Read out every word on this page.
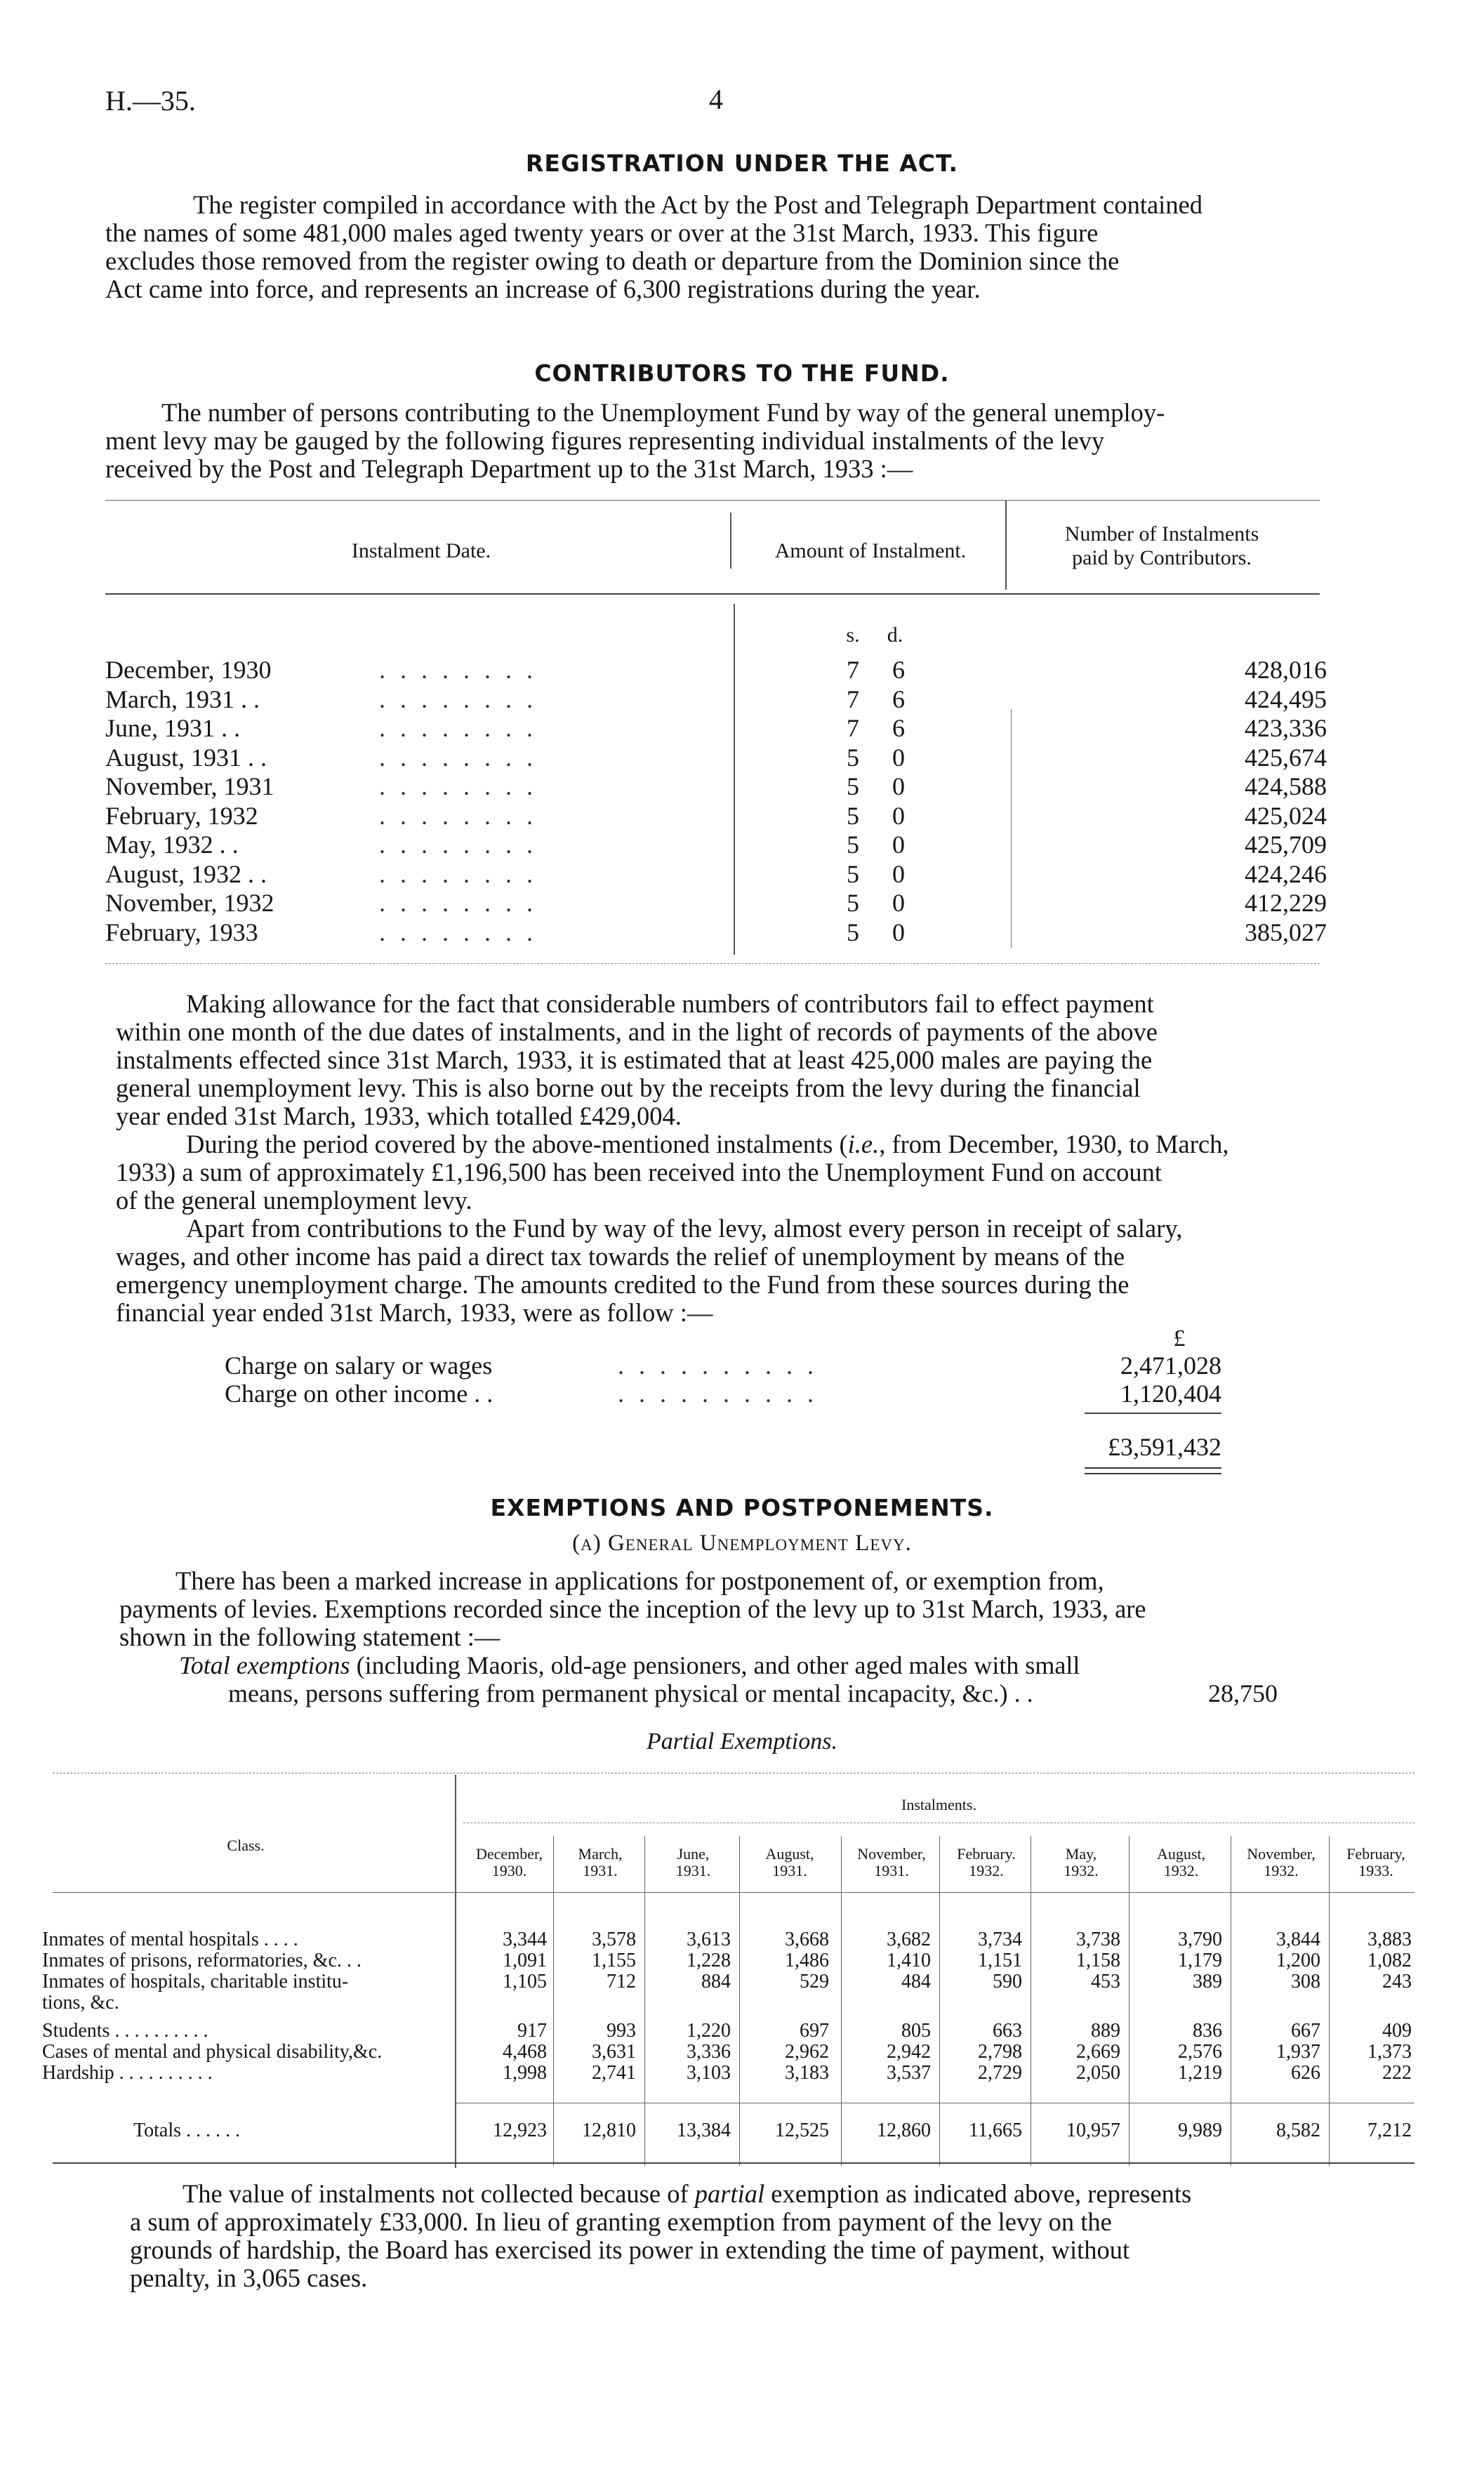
H.—35.	4
REGISTRATION UNDER THE ACT.
The register compiled in accordance with the Act by the Post and Telegraph Department contained
the names of some 481,000 males aged twenty years or over at the 31st March, 1933. This figure
excludes those removed from the register owing to death or departure from the Dominion since the
Act came into force, and represents an increase of 6,300 registrations during the year.
CONTRIBUTORS TO THE FUND.
The number of persons contributing to the Unemployment Fund by way of the general unemploy-
ment levy may be gauged by the following figures representing individual instalments of the levy
received by the Post and Telegraph Department up to the 31st March, 1933 :—
Instalment Date.	Amount of Instalment.
Number of Instalments
paid by Contributors.
s.	d.
December, 1930	. . . . . . . .	7	6	428,016
March, 1931 . .	. . . . . . . .	7	6	424,495
June, 1931 . .	. . . . . . . .	7	6	423,336
August, 1931 . .	. . . . . . . .	5	0	425,674
November, 1931	. . . . . . . .	5	0	424,588
February, 1932	. . . . . . . .	5	0	425,024
May, 1932 . .	. . . . . . . .	5	0	425,709
August, 1932 . .	. . . . . . . .	5	0	424,246
November, 1932	. . . . . . . .	5	0	412,229
February, 1933	. . . . . . . .	5	0	385,027
Making allowance for the fact that considerable numbers of contributors fail to effect payment
within one month of the due dates of instalments, and in the light of records of payments of the above
instalments effected since 31st March, 1933, it is estimated that at least 425,000 males are paying the
general unemployment levy. This is also borne out by the receipts from the levy during the financial
year ended 31st March, 1933, which totalled £429,004.
During the period covered by the above-mentioned instalments (i.e., from December, 1930, to March,
1933) a sum of approximately £1,196,500 has been received into the Unemployment Fund on account
of the general unemployment levy.
Apart from contributions to the Fund by way of the levy, almost every person in receipt of salary,
wages, and other income has paid a direct tax towards the relief of unemployment by means of the
emergency unemployment charge. The amounts credited to the Fund from these sources during the
financial year ended 31st March, 1933, were as follow :—
£
Charge on salary or wages	. . . . . . . . . .	2,471,028
Charge on other income . .	. . . . . . . . . .	1,120,404
£3,591,432
EXEMPTIONS AND POSTPONEMENTS.
(a) General Unemployment Levy.
There has been a marked increase in applications for postponement of, or exemption from,
payments of levies. Exemptions recorded since the inception of the levy up to 31st March, 1933, are
shown in the following statement :—
Total exemptions (including Maoris, old-age pensioners, and other aged males with small
means, persons suffering from permanent physical or mental incapacity, &c.) . .	28,750
Partial Exemptions.
Instalments.
Class.	December,
1930.
March,
1931.
June,
1931.
August,
1931.
November,
1931.
February.
1932.
May,
1932.
August,
1932.
November,
1932.
February,
1933.
Inmates of mental hospitals . . . .	3,344	3,578	3,613	3,668	3,682	3,734	3,738	3,790	3,844	3,883
Inmates of prisons, reformatories, &c. . .	1,091	1,155	1,228	1,486	1,410	1,151	1,158	1,179	1,200	1,082
Inmates of hospitals, charitable institu-
tions, &c.
1,105	712	884	529	484	590	453	389	308	243
Students . . . . . . . . . .	917	993	1,220	697	805	663	889	836	667	409
Cases of mental and physical disability,&c.	4,468	3,631	3,336	2,962	2,942	2,798	2,669	2,576	1,937	1,373
Hardship . . . . . . . . . .	1,998	2,741	3,103	3,183	3,537	2,729	2,050	1,219	626	222
Totals . . . . . .	12,923	12,810	13,384	12,525	12,860	11,665	10,957	9,989	8,582	7,212
The value of instalments not collected because of partial exemption as indicated above, represents
a sum of approximately £33,000. In lieu of granting exemption from payment of the levy on the
grounds of hardship, the Board has exercised its power in extending the time of payment, without
penalty, in 3,065 cases.
